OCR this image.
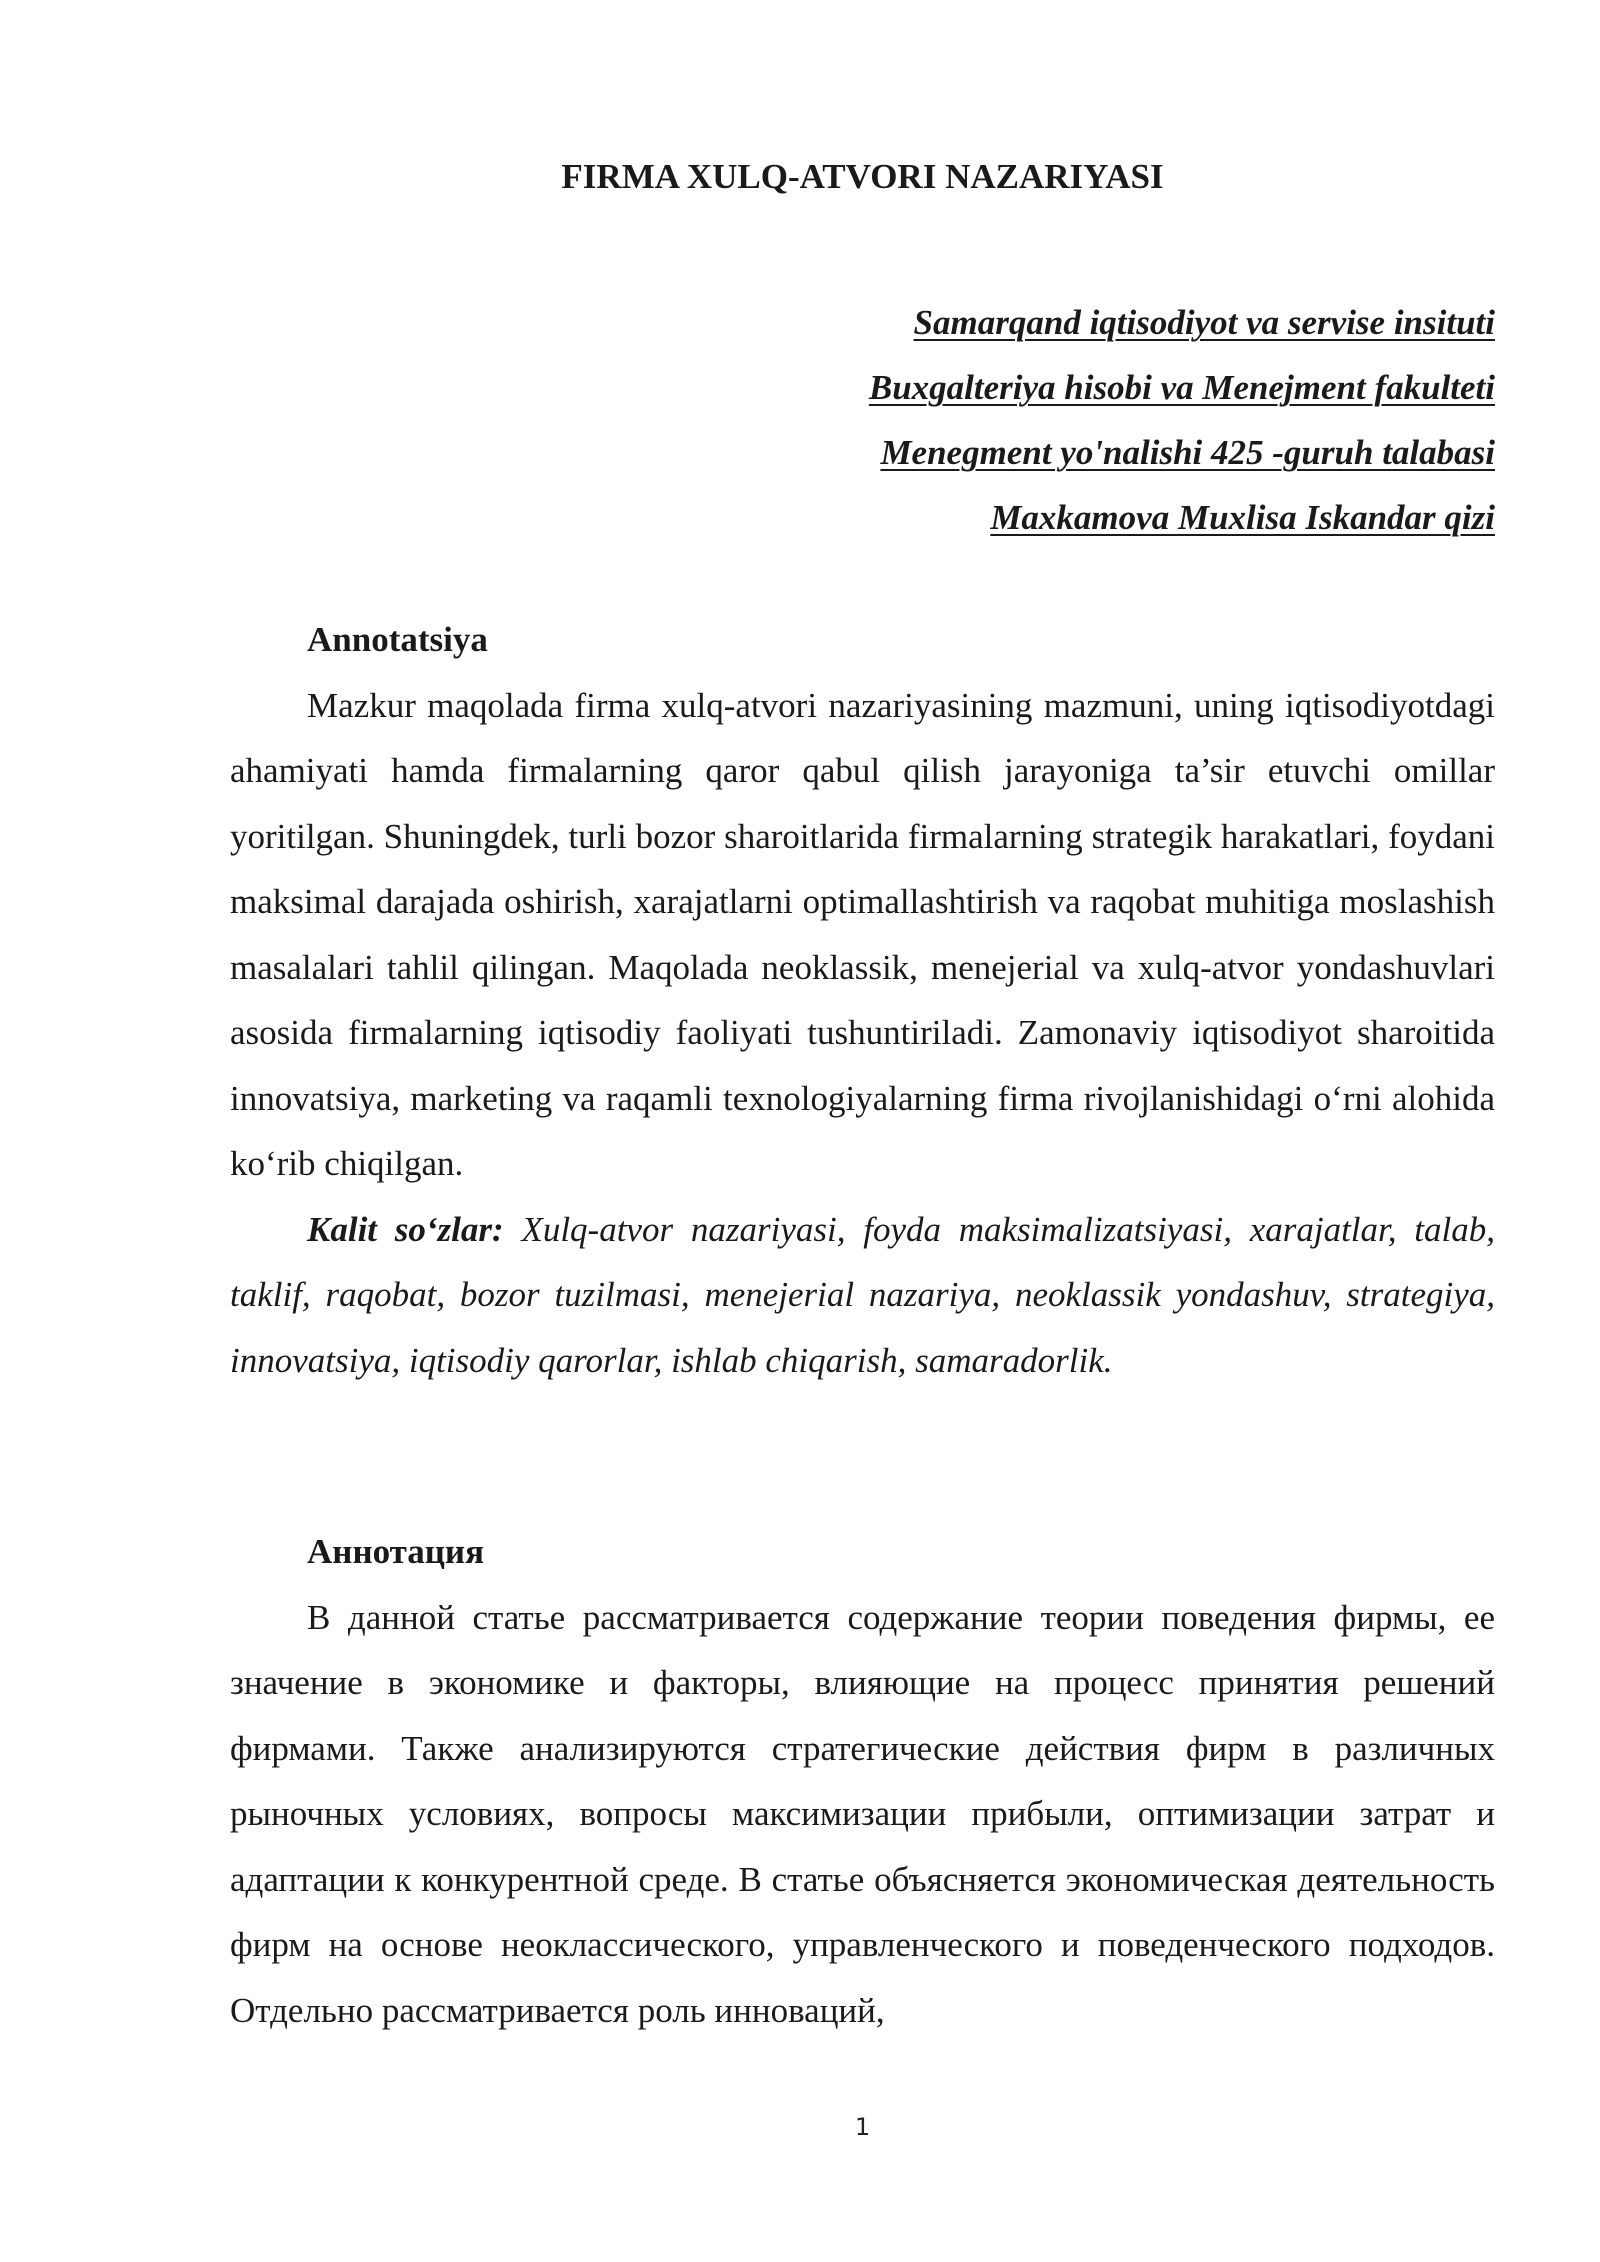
FIRMA XULQ-ATVORI NAZARIYASI
Samarqand iqtisodiyot va servise insituti
Buxgalteriya hisobi va Menejment fakulteti
Menegment yo'nalishi 425 -guruh talabasi
Maxkamova Muxlisa Iskandar qizi

Annotatsiya

Mazkur maqolada firma xulq-atvori nazariyasining mazmuni, uning iqtisodiyotdagi ahamiyati hamda firmalarning qaror qabul qilish jarayoniga ta’sir etuvchi omillar yoritilgan. Shuningdek, turli bozor sharoitlarida firmalarning strategik harakatlari, foydani maksimal darajada oshirish, xarajatlarni optimallashtirish va raqobat muhitiga moslashish masalalari tahlil qilingan. Maqolada neoklassik, menejerial va xulq-atvor yondashuvlari asosida firmalarning iqtisodiy faoliyati tushuntiriladi. Zamonaviy iqtisodiyot sharoitida innovatsiya, marketing va raqamli texnologiyalarning firma rivojlanishidagi o‘rni alohida ko‘rib chiqilgan.

Kalit so‘zlar: Xulq-atvor nazariyasi, foyda maksimalizatsiyasi, xarajatlar, talab, taklif, raqobat, bozor tuzilmasi, menejerial nazariya, neoklassik yondashuv, strategiya, innovatsiya, iqtisodiy qarorlar, ishlab chiqarish, samaradorlik.

Аннотация

В данной статье рассматривается содержание теории поведения фирмы, ее значение в экономике и факторы, влияющие на процесс принятия решений фирмами. Также анализируются стратегические действия фирм в различных рыночных условиях, вопросы максимизации прибыли, оптимизации затрат и адаптации к конкурентной среде. В статье объясняется экономическая деятельность фирм на основе неоклассического, управленческого и поведенческого подходов. Отдельно рассматривается роль инноваций,

1
